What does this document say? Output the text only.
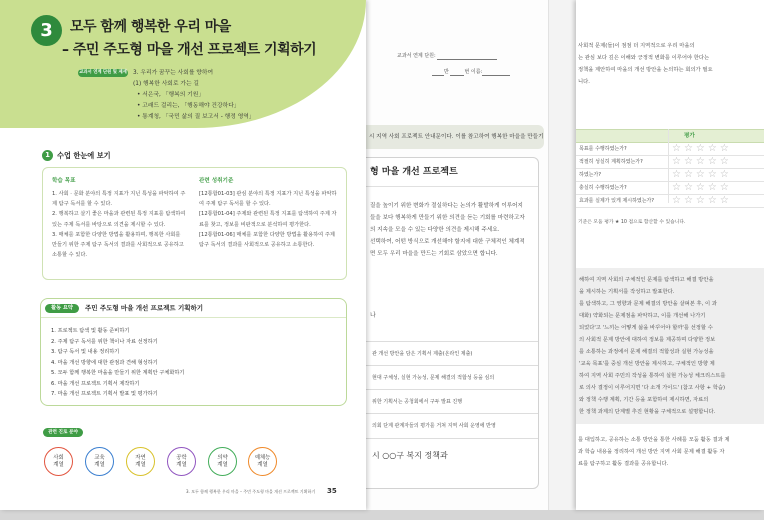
3	모두 함께 행복한 우리 마을
– 주민 주도형 마을 개선 프로젝트 기획하기
교과서 연계 단원 및 제재 3. 우리가 꿈꾸는 사회를 향하여
(1) 행복한 사회로 가는 길
• 서은국, 「행복의 기원」
• 고래드 걸리는, 「행동해야 건강하다」
• 통계청, 「국민 삶의 질 보고서 - 행정 영역」
1 수업 한눈에 보기
학습 목표

1. 사회 · 문화 분야의 특정 지표가 지닌 특성을 파악하여 주제 탐구 독서를 할 수 있다.

2. 행복하고 살기 좋은 마을과 관련된 특정 지표를 탐색하여 있는 주제 독서를 바탕으로 의견을 제시할 수 있다.

3. 매체를 포함한 다양한 방법을 활용하며, 행복한 사회를 만들기 위한 주제 탐구 독서의 결과를 사회적으로 공유하고 소통할 수 있다.

관련 성취기준

[12통합01-03] 관심 분야의 특정 지표가 지닌 특성을 파악하여 주제 탐구 독서를 할 수 있다.

[12통합01-04] 주제와 관련된 특정 지표를 탐색하여 주제 자료를 찾고, 정보를 비판적으로 분석하여 평가한다.

[12통합01-06] 매체를 포함한 다양한 방법을 활용하여 주제 탐구 독서의 결과를 사회적으로 공유하고 소통한다.

활동 요약	주민 주도형 마을 개선 프로젝트 기획하기

1. 프로젝트 탐색 및 활동 준비하기

2. 주제 탐구 독서를 위한 책이나 자료 선정하기

3. 탐구 독서 및 내용 정리하기

4. 마을 개선 방향에 대한 관점과 견해 형성하기

5. 모두 함께 행복한 마을을 만들기 위한 계획안 구체화하기

6. 마을 개선 프로젝트 기획서 제작하기

7. 마을 개선 프로젝트 기획서 발표 및 평가하기

관련 진로 분야
사회
계열
교육
계열
자연
계열
공학
계열
의약
계열
예체능
계열
3. 모두 함께 행복한 우리 마을 – 주민 주도형 마을 개선 프로젝트 기획하기 35
교과서 연계 단원:
반	번 이름:
시 지역 사회 프로젝트 안내문이다. 이를 참고하여 행복한 마을을 만들기
형 마을 개선 프로젝트

질을 높이기 위한 변화가 절실하다는 논의가 활발하게 이루어지

들을 보다 행복하게 만들기 위한 의견을 듣는 기회를 마련하고자

의 지속을 모을 수 있는 다양한 의견을 제시해 주세요.

선택하여, 어떤 방식으로 개선해야 할지에 대한 구체적인 체계적

면 모두 우리 마을을 만드는 기회로 삼았으면 합니다.

나
관 개선 방안을 담은 기획서 제출(온라인 제출)
현대 구체성, 실현 가능성, 문제 해결의 적합성 등을 심의
위한 기획서는 공청회에서 구두 발표 진행
의회 단계 관계자들의 평가를 거쳐 지역 사회 운영에 반영
시 ○○구 복지 정책과

사회적 문제(들)이 점점 더 지역적으로 우리 마을의

는 관심 보다 깊은 이해와 긍정적 변화를 이루어야 한다는

정책을 제안하여 마을의 개선 방안을 논의하는 회의가 필요

니다.

평가
목표를 수행하였는가?	☆☆☆☆☆
적절히 성실히 계획하였는가?	☆☆☆☆☆
하였는가?	☆☆☆☆☆
충실히 수행하였는가?	☆☆☆☆☆
효과를 실제가 있게 제시하였는가? ☆☆☆☆☆
기준은 모둠 평가 ★ 10 점으로 합산할 수 있습니다.

해하여 지역 사회의 구체적인 문제를 탐색하고 해결 방안을

을 제시하는 기획서를 작성하고 발표한다.

를 탐색하고, 그 영향과 문제 해결의 방안을 살펴본 후, 이 과

대화) 약화되는 문제점을 파악하고, 이를 개선해 나가기

되었다'고 '느끼는 어떻게 삶을 바꾸어야 할까'를 선정할 수

의 사회적 문제 방안에 대하여 정보를 제공하며 다양한 정보

를 소통하는 과정에서 문제 해결의 적합성과 실현 가능성을

'교육 목표'를 중심 개선 방안을 제시하고, 구체적인 방향 제

하여 지역 사회 주민의 작성을 통하여 실현 가능성 체크리스트를

로 의사 결정이 이루어지면 '다 소개 가이드' (참고 사항 + 학습)

와 정책 수행 계획, 기간 등을 포함하여 제시하면, 자료의

한 정책 과제의 단계별 추진 현황을 구체적으로 설명합니다.

를 대입하고, 공유하는 소통 방안을 통한 사례를 모둠 활동 결과 제

과 학습 내용을 정리하여 개선 방안 지역 사회 문제 해결 활동 자

료를 탐구하고 활동 결과를 공유합니다.
